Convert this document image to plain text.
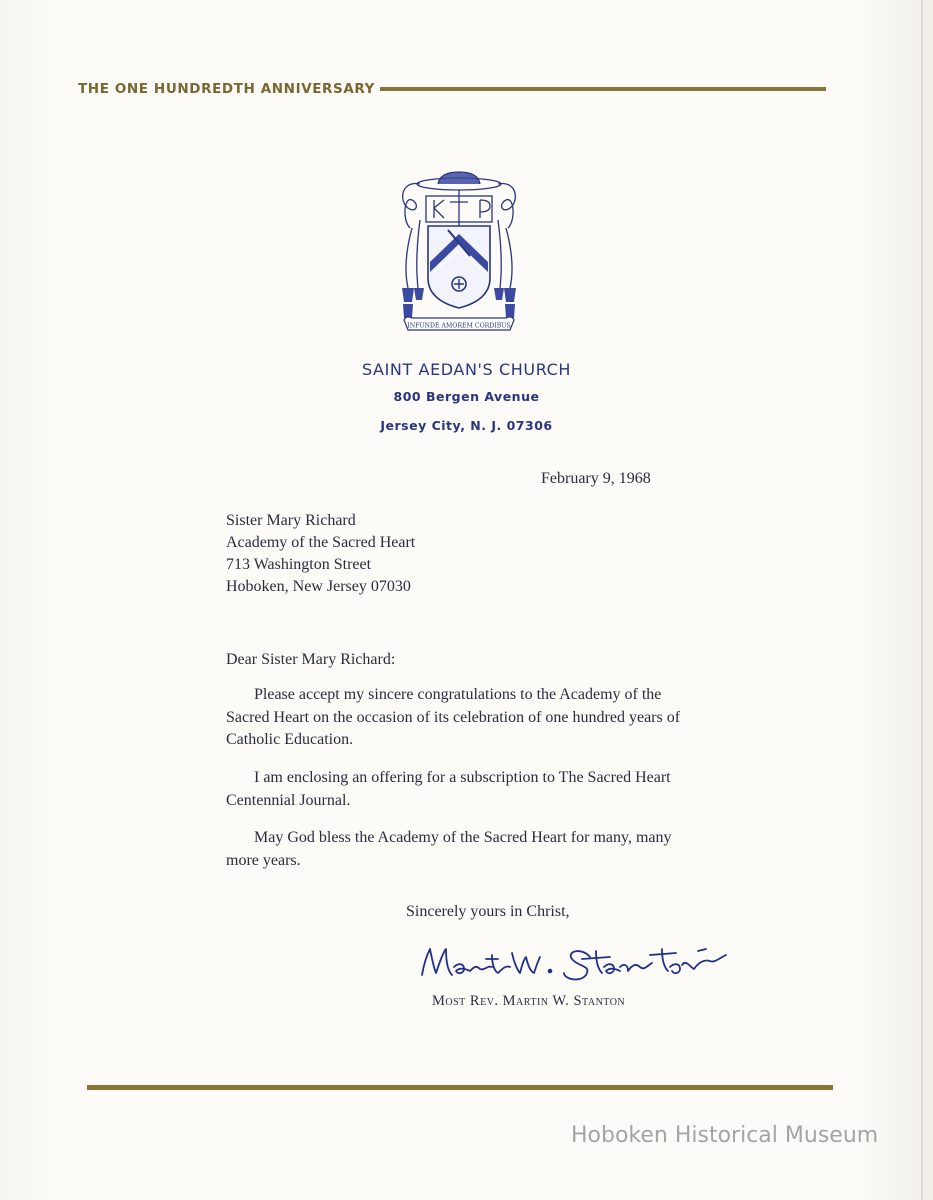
THE ONE HUNDREDTH ANNIVERSARY
INFUNDE AMOREM CORDIBUS
SAINT AEDAN'S CHURCH
800 Bergen Avenue
Jersey City, N. J. 07306
February 9, 1968
Sister Mary Richard
Academy of the Sacred Heart
713 Washington Street
Hoboken, New Jersey 07030
Dear Sister Mary Richard:
Please accept my sincere congratulations to the Academy of the Sacred Heart on the occasion of its celebration of one hundred years of Catholic Education.
I am enclosing an offering for a subscription to The Sacred Heart Centennial Journal.
May God bless the Academy of the Sacred Heart for many, many more years.
Sincerely yours in Christ,
Martin W. Stanton
Most Rev. Martin W. Stanton
Hoboken Historical Museum
